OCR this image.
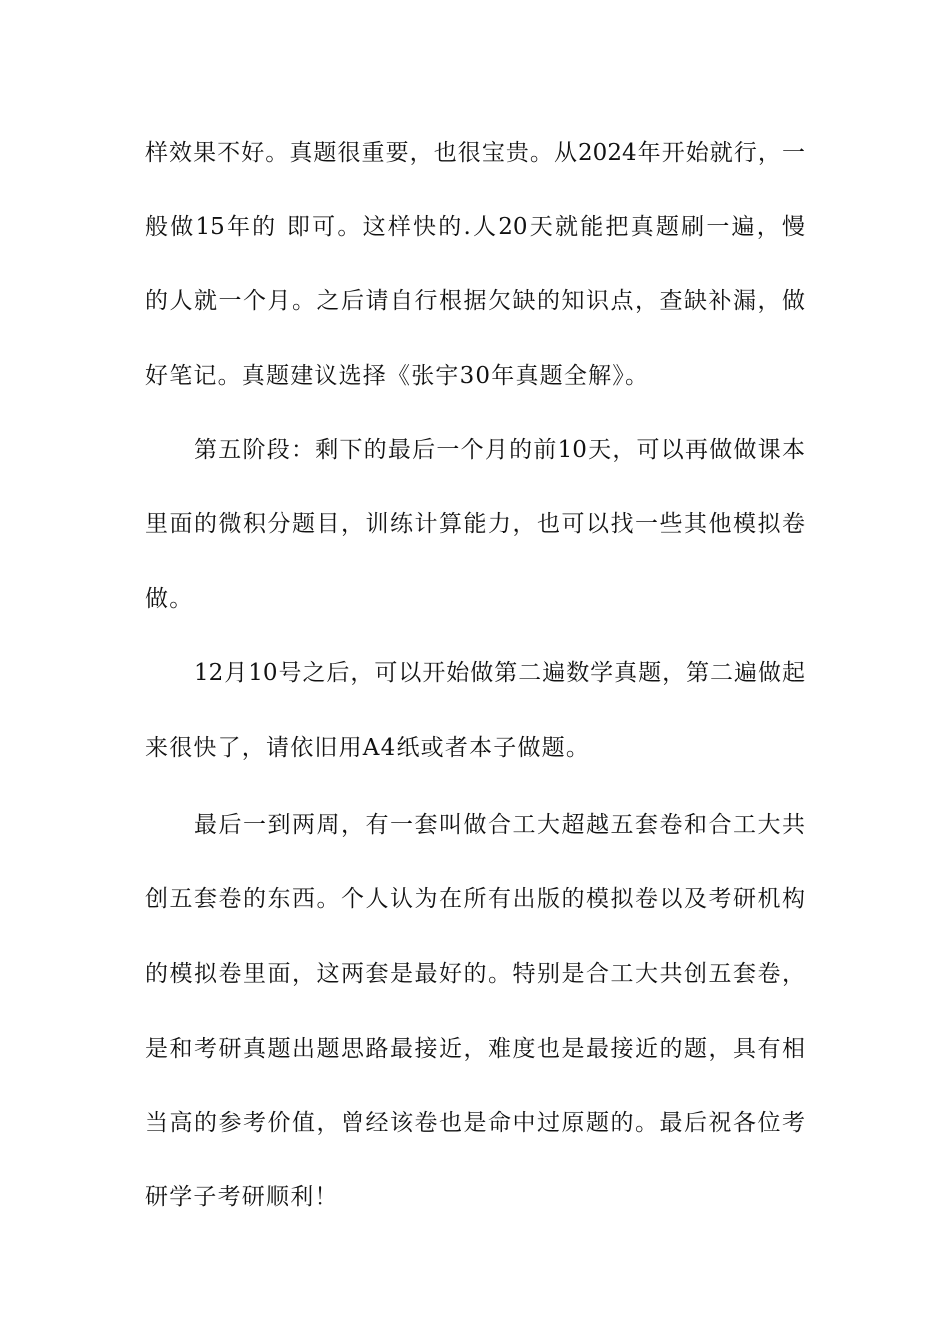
样效果不好。真题很重要，也很宝贵。从2024年开始就行，一
般做15年的 即可。这样快的.人20天就能把真题刷一遍，慢
的人就一个月。之后请自行根据欠缺的知识点，查缺补漏，做
好笔记。真题建议选择《张宇30年真题全解》。
第五阶段：剩下的最后一个月的前10天，可以再做做课本
里面的微积分题目，训练计算能力，也可以找一些其他模拟卷
做。
12月10号之后，可以开始做第二遍数学真题，第二遍做起
来很快了，请依旧用A4纸或者本子做题。
最后一到两周，有一套叫做合工大超越五套卷和合工大共
创五套卷的东西。个人认为在所有出版的模拟卷以及考研机构
的模拟卷里面，这两套是最好的。特别是合工大共创五套卷，
是和考研真题出题思路最接近，难度也是最接近的题，具有相
当高的参考价值，曾经该卷也是命中过原题的。最后祝各位考
研学子考研顺利！
